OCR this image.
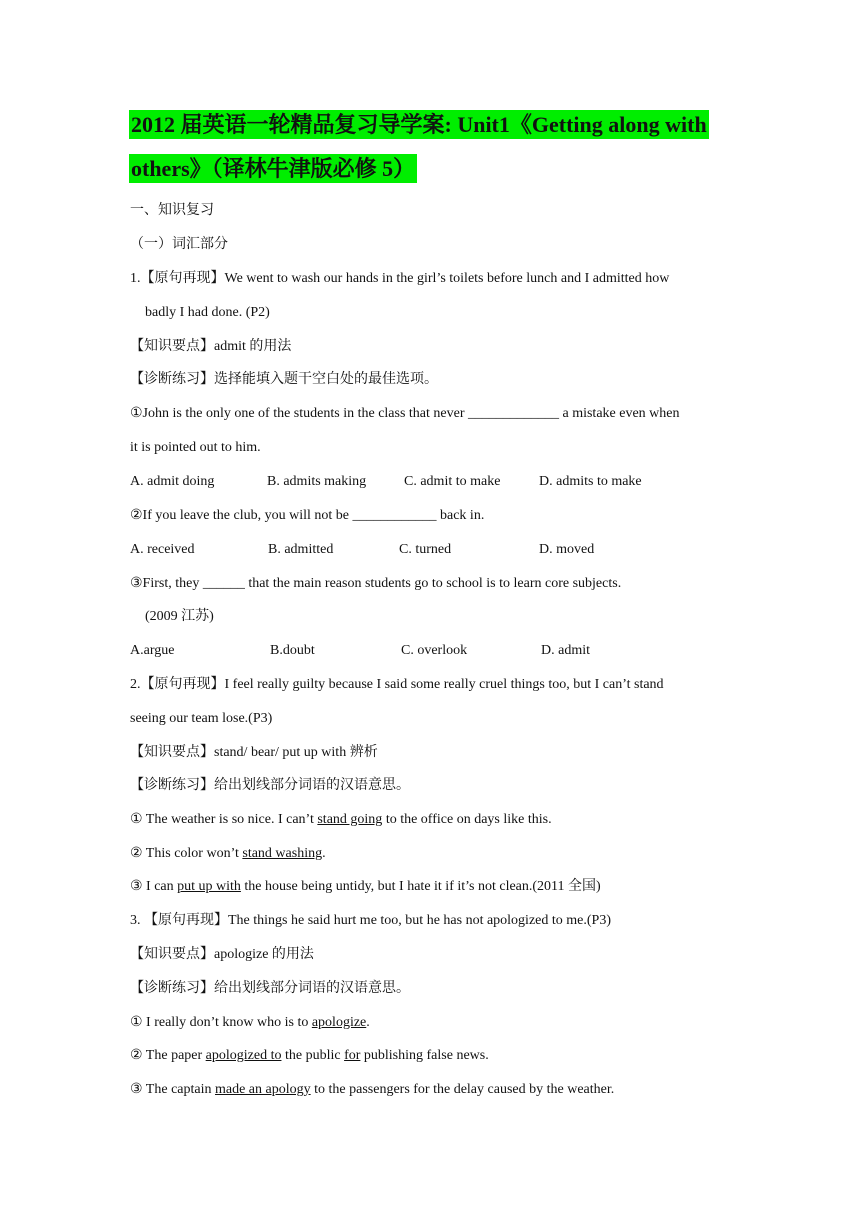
2012 届英语一轮精品复习导学案: Unit1《Getting along with
others》（译林牛津版必修 5）
一、知识复习
（一）词汇部分
1.【原句再现】We went to wash our hands in the girl’s toilets before lunch and I admitted how
badly I had done. (P2)
【知识要点】admit 的用法
【诊断练习】选择能填入题干空白处的最佳选项。
①John is the only one of the students in the class that never _____________ a mistake even when
it is pointed out to him.
A. admit doing	B. admits making	C. admit to make	D. admits to make
②If you leave the club, you will not be ____________ back in.
A. received	B. admitted	C. turned	D. moved
③First, they ______ that the main reason students go to school is to learn core subjects.
(2009 江苏)
A.argue	B.doubt	C. overlook	D. admit
2.【原句再现】I feel really guilty because I said some really cruel things too, but I can’t stand
seeing our team lose.(P3)
【知识要点】stand/ bear/ put up with 辨析
【诊断练习】给出划线部分词语的汉语意思。
① The weather is so nice. I can’t stand going to the office on days like this.
② This color won’t stand washing.
③ I can put up with the house being untidy, but I hate it if it’s not clean.(2011 全国)
3. 【原句再现】The things he said hurt me too, but he has not apologized to me.(P3)
【知识要点】apologize 的用法
【诊断练习】给出划线部分词语的汉语意思。
① I really don’t know who is to apologize.
② The paper apologized to the public for publishing false news.
③ The captain made an apology to the passengers for the delay caused by the weather.
